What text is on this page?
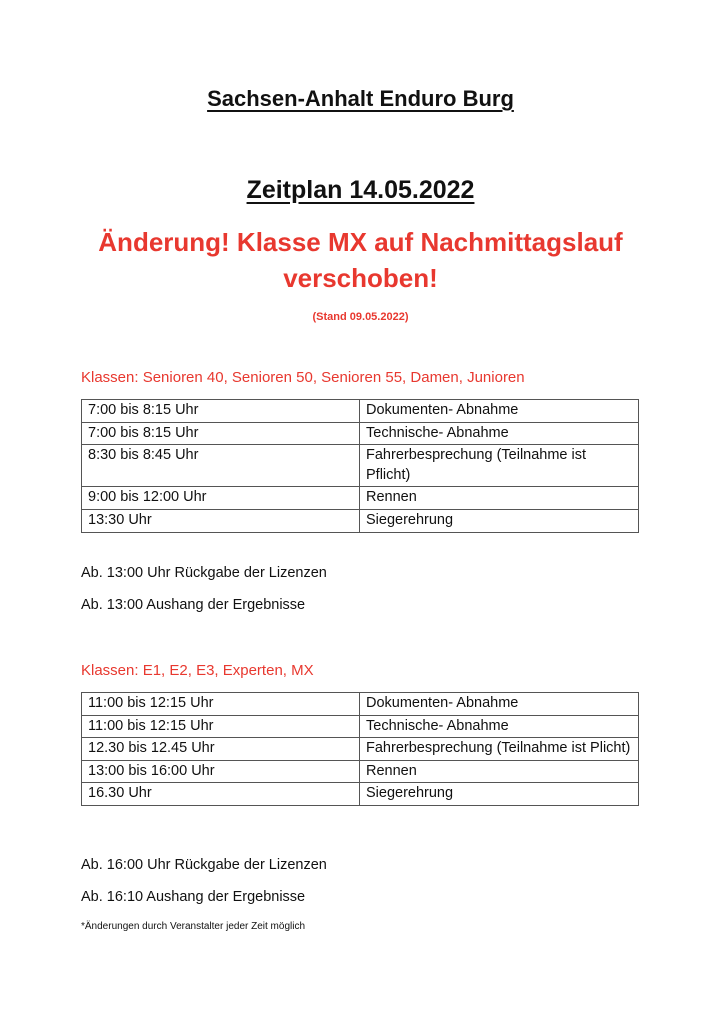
Sachsen-Anhalt Enduro Burg
Zeitplan 14.05.2022

Änderung! Klasse MX auf Nachmittagslauf verschoben!

(Stand 09.05.2022)
Klassen: Senioren 40, Senioren 50, Senioren 55, Damen, Junioren
7:00 bis 8:15 Uhr	Dokumenten- Abnahme
7:00 bis 8:15 Uhr	Technische- Abnahme
8:30 bis 8:45 Uhr	Fahrerbesprechung (Teilnahme ist Pflicht)
9:00 bis 12:00 Uhr	Rennen
13:30 Uhr	Siegerehrung
Ab. 13:00 Uhr Rückgabe der Lizenzen
Ab. 13:00 Aushang der Ergebnisse
Klassen: E1, E2, E3, Experten, MX
11:00 bis 12:15 Uhr	Dokumenten- Abnahme
11:00 bis 12:15 Uhr	Technische- Abnahme
12.30 bis 12.45 Uhr	Fahrerbesprechung (Teilnahme ist Plicht)
13:00 bis 16:00 Uhr	Rennen
16.30 Uhr	Siegerehrung
Ab. 16:00 Uhr Rückgabe der Lizenzen
Ab. 16:10 Aushang der Ergebnisse
*Änderungen durch Veranstalter jeder Zeit möglich
